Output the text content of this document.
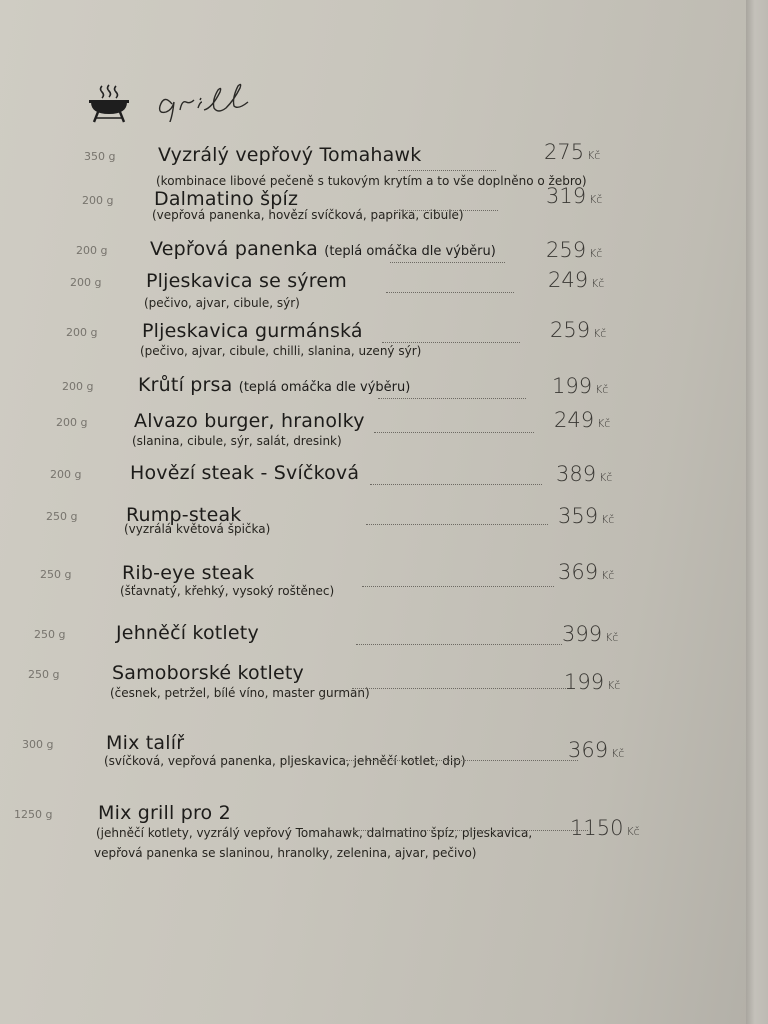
350 g Vyzrálý vepřový Tomahawk
(kombinace libové pečeně s tukovým krytím a to vše doplněno o žebro)
275 Kč
200 g Dalmatino špíz
(vepřová panenka, hovězí svíčková, paprika, cibule)
319 Kč
200 g Vepřová panenka (teplá omáčka dle výběru) 259 Kč
200 g Pljeskavica se sýrem
(pečivo, ajvar, cibule, sýr)
249 Kč
200 g Pljeskavica gurmánská
(pečivo, ajvar, cibule, chilli, slanina, uzený sýr)
259 Kč
200 g Krůtí prsa (teplá omáčka dle výběru)	199 Kč
200 g Alvazo burger, hranolky
(slanina, cibule, sýr, salát, dresink)
249 Kč
200 g	Hovězí steak - Svíčková	389 Kč
250 g	Rump-steak
(vyzrálá květová špička)
359 Kč
250 g	Rib-eye steak
(šťavnatý, křehký, vysoký roštěnec)
369 Kč
250 g	Jehněčí kotlety	399 Kč
250 g	Samoborské kotlety
(česnek, petržel, bílé víno, master gurman)	199 Kč
300 g	Mix talíř
(svíčková, vepřová panenka, pljeskavica, jehněčí kotlet, dip)	369 Kč
1250 g Mix grill pro 2
(jehněčí kotlety, vyzrálý vepřový Tomahawk, dalmatino špíz, pljeskavica,
vepřová panenka se slaninou, hranolky, zelenina, ajvar, pečivo)
1150 Kč
